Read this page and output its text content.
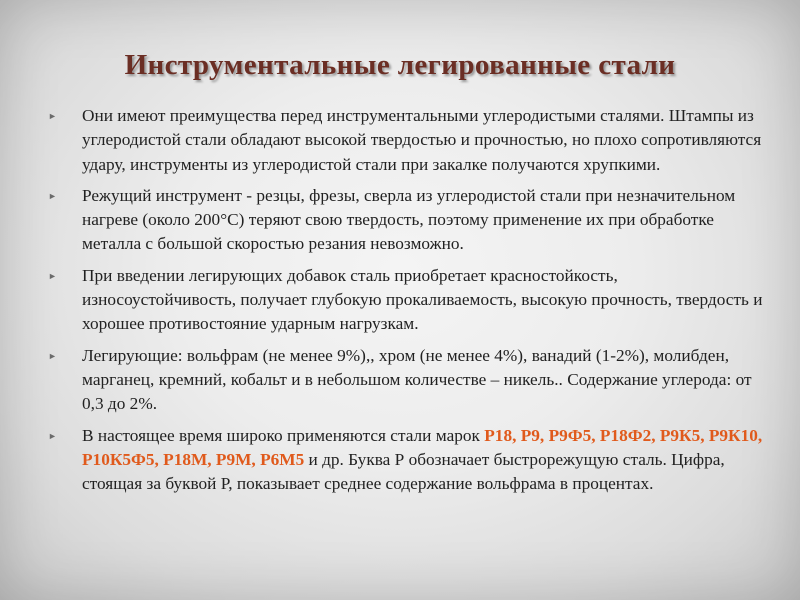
Инструментальные легированные стали
► Они имеют преимущества перед инструментальными углеродистыми сталями. Штампы из углеродистой стали обладают высокой твердостью и прочностью, но плохо сопротивляются удару, инструменты из углеродистой стали при закалке получаются хрупкими.
► Режущий инструмент - резцы, фрезы, сверла из углеродистой стали при незначительном нагреве (около 200°С) теряют свою твердость, поэтому применение их при обработке металла с большой скоростью резания невозможно.
► При введении легирующих добавок сталь приобретает красностойкость, износоустойчивость, получает глубокую прокаливаемость, высокую прочность, твердость и хорошее противостояние ударным нагрузкам.
► Легирующие: вольфрам (не менее 9%),, хром (не менее 4%), ванадий (1-2%), молибден, марганец, кремний, кобальт и в небольшом количестве – никель.. Содержание углерода: от 0,3 до 2%.
► В настоящее время широко применяются стали марок Р18, Р9, Р9Ф5, Р18Ф2, Р9К5, Р9К10, Р10К5Ф5, Р18М, Р9М, Р6М5 и др. Буква Р обозначает быстрорежущую сталь. Цифра, стоящая за буквой Р, показывает среднее содержание вольфрама в процентах.
